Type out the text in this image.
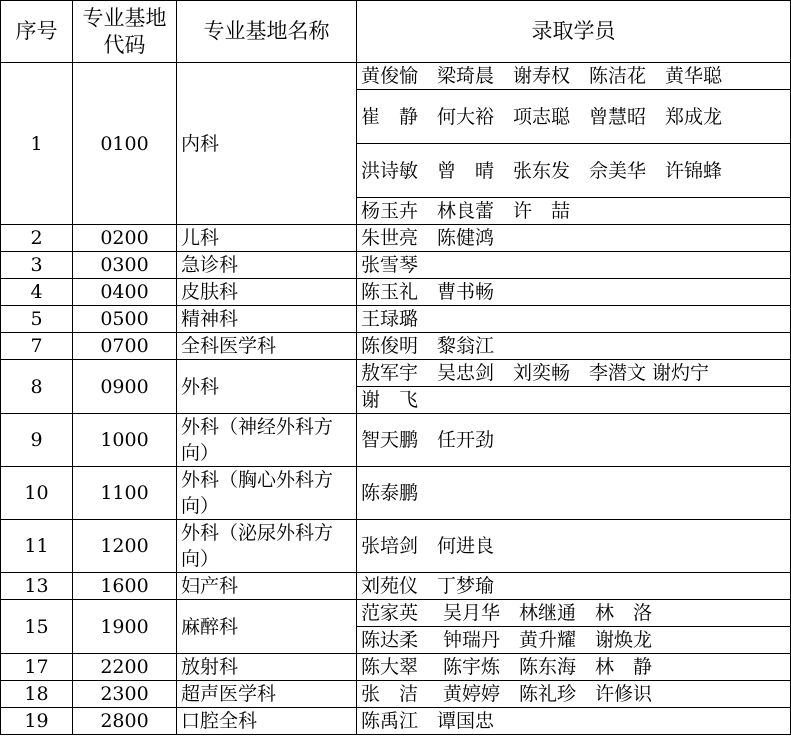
序号	专业基地代码	专业基地名称	录取学员
1	0100	内科	黄俊愉　梁琦晨　谢寿权　陈洁花　黄华聪
			崔　静　何大裕　项志聪　曾慧昭　郑成龙
			洪诗敏　曾　晴　张东发　佘美华　许锦蜂
			杨玉卉　林良蕾　许　喆
2	0200	儿科	朱世亮　陈健鸿
3	0300	急诊科	张雪琴
4	0400	皮肤科	陈玉礼　曹书畅
5	0500	精神科	王琭璐
7	0700	全科医学科	陈俊明　黎翁江
8	0900	外科	敖军宇　吴忠剑　刘奕畅　李潜文 谢灼宁
			谢　飞
9	1000	外科（神经外科方向）	智天鹏　任开劲
10	1100	外科（胸心外科方向）	陈泰鹏
11	1200	外科（泌尿外科方向）	张培剑　何进良
13	1600	妇产科	刘苑仪　丁梦瑜
15	1900	麻醉科	范家英　 吴月华　林继通　林　洛
			陈达柔　 钟瑞丹　黄升耀　谢焕龙
17	2200	放射科	陈大翠　 陈宇炼　陈东海　林　静
18	2300	超声医学科	张　洁　 黄婷婷　陈礼珍　许修识
19	2800	口腔全科	陈禹江　谭国忠
